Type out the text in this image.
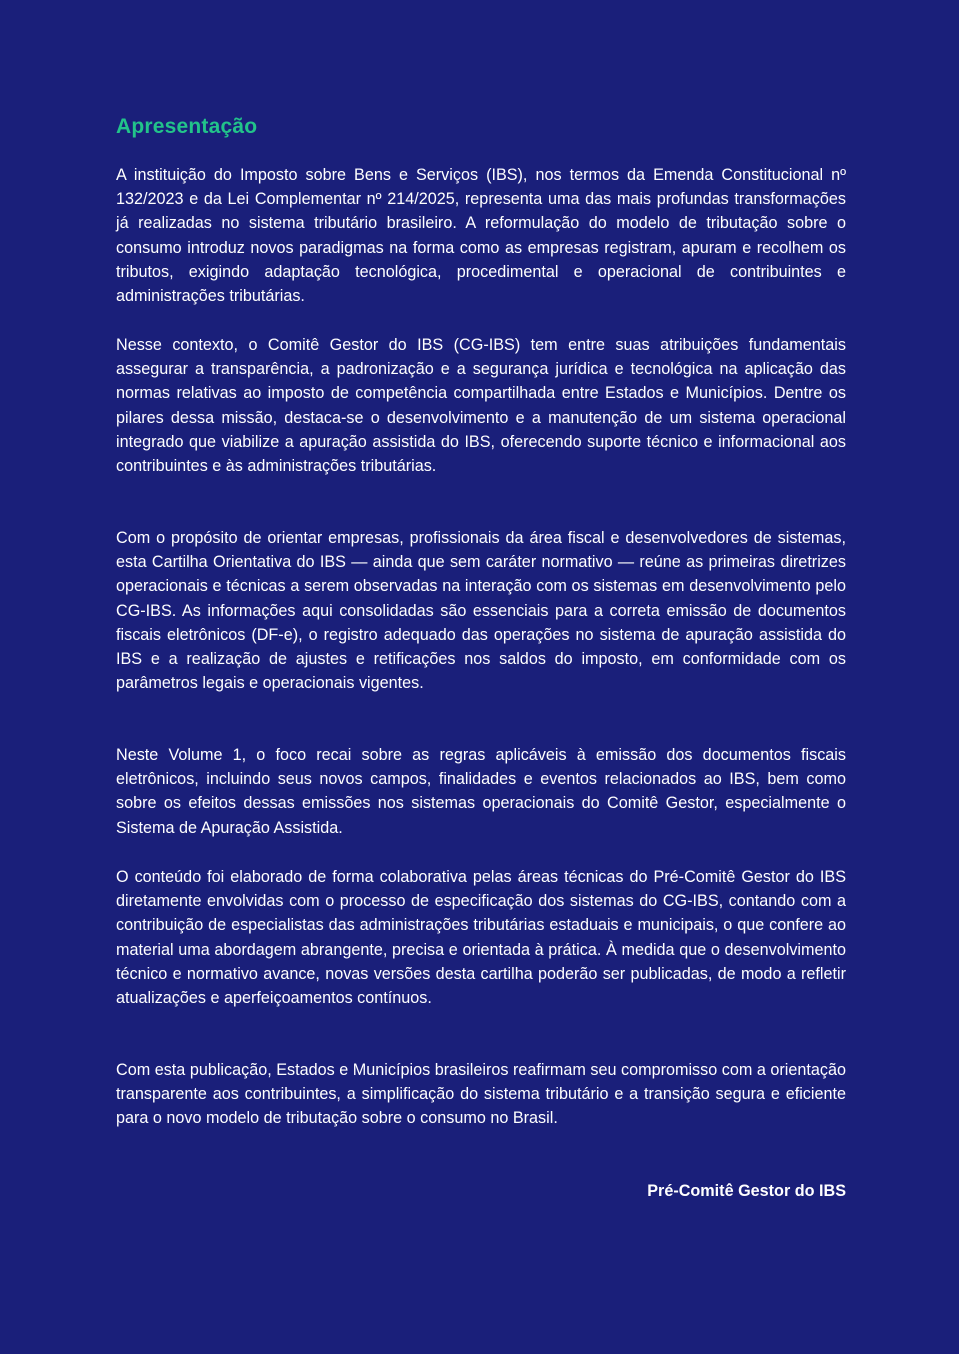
Apresentação

A instituição do Imposto sobre Bens e Serviços (IBS), nos termos da Emenda Constitucional nº 132/2023 e da Lei Complementar nº 214/2025, representa uma das mais profundas transformações já realizadas no sistema tributário brasileiro. A reformulação do modelo de tributação sobre o consumo introduz novos paradigmas na forma como as empresas registram, apuram e recolhem os tributos, exigindo adaptação tecnológica, procedimental e operacional de contribuintes e administrações tributárias.

Nesse contexto, o Comitê Gestor do IBS (CG-IBS) tem entre suas atribuições fundamentais assegurar a transparência, a padronização e a segurança jurídica e tecnológica na aplicação das normas relativas ao imposto de competência compartilhada entre Estados e Municípios. Dentre os pilares dessa missão, destaca-se o desenvolvimento e a manutenção de um sistema operacional integrado que viabilize a apuração assistida do IBS, oferecendo suporte técnico e informacional aos contribuintes e às administrações tributárias.

Com o propósito de orientar empresas, profissionais da área fiscal e desenvolvedores de sistemas, esta Cartilha Orientativa do IBS — ainda que sem caráter normativo — reúne as primeiras diretrizes operacionais e técnicas a serem observadas na interação com os sistemas em desenvolvimento pelo CG-IBS. As informações aqui consolidadas são essenciais para a correta emissão de documentos fiscais eletrônicos (DF-e), o registro adequado das operações no sistema de apuração assistida do IBS e a realização de ajustes e retificações nos saldos do imposto, em conformidade com os parâmetros legais e operacionais vigentes.

Neste Volume 1, o foco recai sobre as regras aplicáveis à emissão dos documentos fiscais eletrônicos, incluindo seus novos campos, finalidades e eventos relacionados ao IBS, bem como sobre os efeitos dessas emissões nos sistemas operacionais do Comitê Gestor, especialmente o Sistema de Apuração Assistida.

O conteúdo foi elaborado de forma colaborativa pelas áreas técnicas do Pré-Comitê Gestor do IBS diretamente envolvidas com o processo de especificação dos sistemas do CG-IBS, contando com a contribuição de especialistas das administrações tributárias estaduais e municipais, o que confere ao material uma abordagem abrangente, precisa e orientada à prática. À medida que o desenvolvimento técnico e normativo avance, novas versões desta cartilha poderão ser publicadas, de modo a refletir atualizações e aperfeiçoamentos contínuos.

Com esta publicação, Estados e Municípios brasileiros reafirmam seu compromisso com a orientação transparente aos contribuintes, a simplificação do sistema tributário e a transição segura e eficiente para o novo modelo de tributação sobre o consumo no Brasil.

Pré-Comitê Gestor do IBS
